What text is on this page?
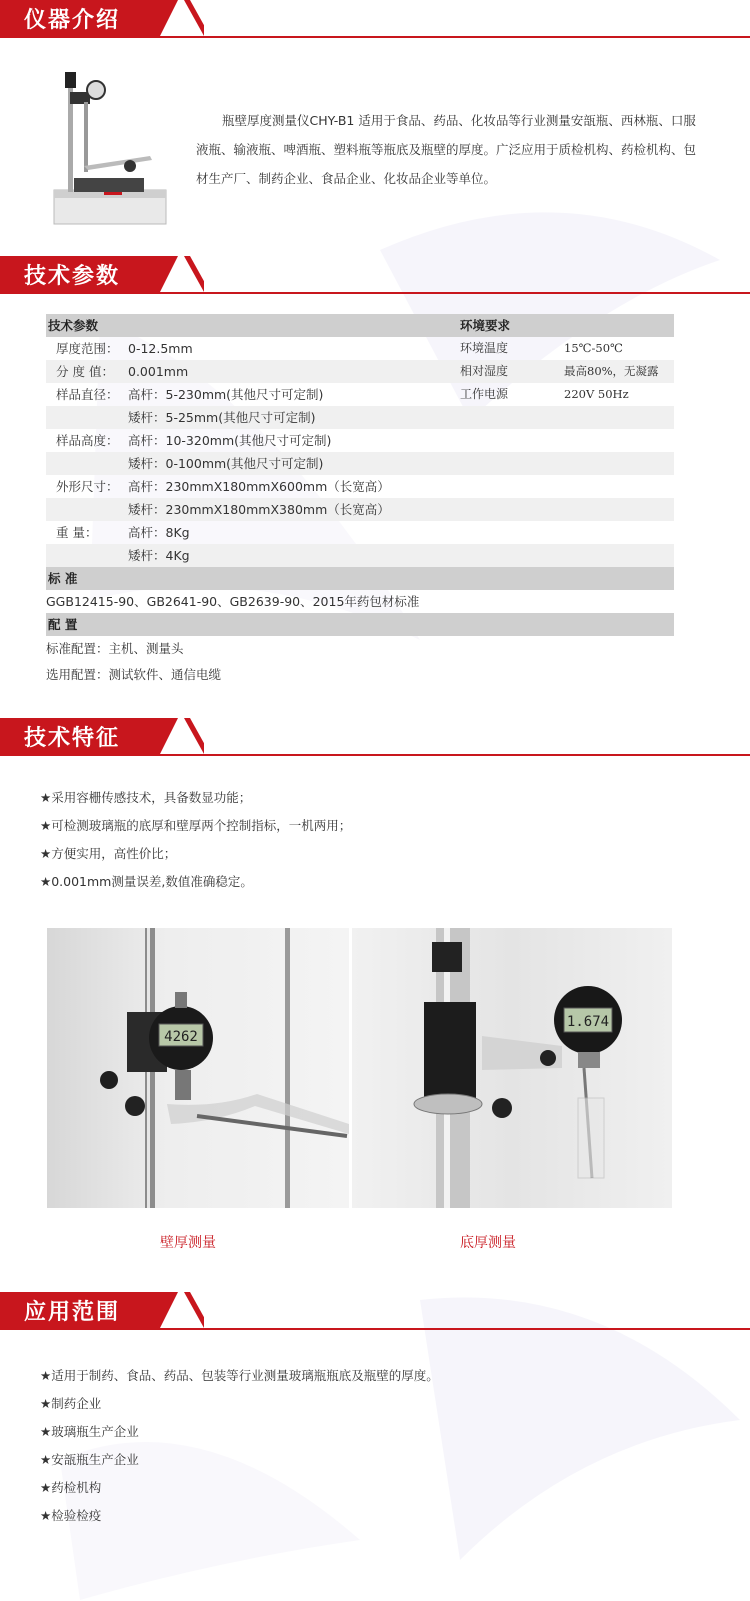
仪器介绍
瓶壁厚度测量仪CHY-B1 适用于食品、药品、化妆品等行业测量安瓿瓶、西林瓶、口服液瓶、输液瓶、啤酒瓶、塑料瓶等瓶底及瓶壁的厚度。广泛应用于质检机构、药检机构、包材生产厂、制药企业、食品企业、化妆品企业等单位。
技术参数
技术参数	环境要求
厚度范围： 0-12.5mm	环境温度	15℃-50℃
分 度 值： 0.001mm	相对湿度	最高80%，无凝露
样品直径： 高杆：5-230mm(其他尺寸可定制)	工作电源	220V 50Hz
矮杆：5-25mm(其他尺寸可定制)
样品高度： 高杆：10-320mm(其他尺寸可定制)
矮杆：0-100mm(其他尺寸可定制)
外形尺寸： 高杆：230mmX180mmX600mm（长宽高）
矮杆：230mmX180mmX380mm（长宽高）
重 量： 高杆：8Kg
矮杆：4Kg
标 准
GGB12415-90、GB2641-90、GB2639-90、2015年药包材标准
配 置
标准配置：主机、测量头
选用配置：测试软件、通信电缆
技术特征
★采用容栅传感技术，具备数显功能；
★可检测玻璃瓶的底厚和壁厚两个控制指标，一机两用；
★方便实用，高性价比；
★0.001mm测量误差,数值准确稳定。
4262
1.674
壁厚测量	底厚测量
应用范围
★适用于制药、食品、药品、包装等行业测量玻璃瓶瓶底及瓶壁的厚度。
★制药企业
★玻璃瓶生产企业
★安瓿瓶生产企业
★药检机构
★检验检疫
